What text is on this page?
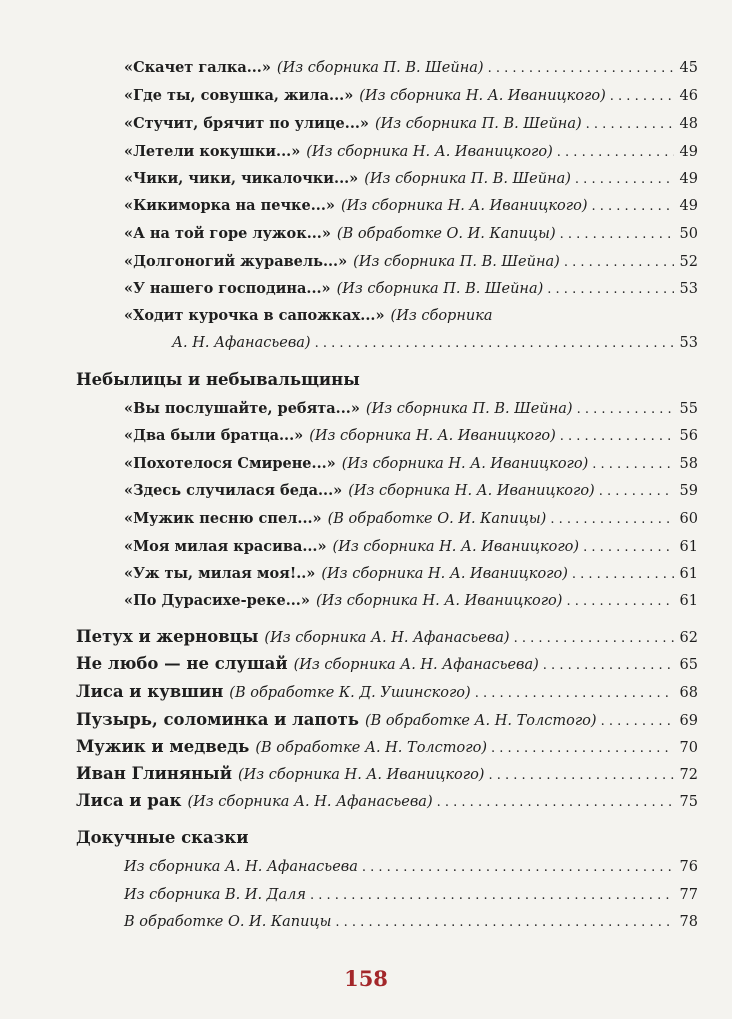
«Скачет галка...» (Из сборника П. В. Шейна) . . .	45
«Где ты, совушка, жила...» (Из сборника Н. А. Иваницкого) . . .	46
«Стучит, брячит по улице...» (Из сборника П. В. Шейна) . . .	48
«Летели кокушки...» (Из сборника Н. А. Иваницкого) . . .	49
«Чики, чики, чикалочки...» (Из сборника П. В. Шейна) . . .	49
«Кикиморка на печке...» (Из сборника Н. А. Иваницкого) . . .	49
«А на той горе лужок...» (В обработке О. И. Капицы) . . .	50
«Долгоногий журавель...» (Из сборника П. В. Шейна) . . .	52
«У нашего господина...» (Из сборника П. В. Шейна) . . .	53
«Ходит курочка в сапожках...» (Из сборника
А. Н. Афанасьева) . . .	53
Небылицы и небывальщины
«Вы послушайте, ребята...» (Из сборника П. В. Шейна) . . .	55
«Два были братца...» (Из сборника Н. А. Иваницкого) . . .	56
«Похотелося Смирене...» (Из сборника Н. А. Иваницкого) . . .	58
«Здесь случилася беда...» (Из сборника Н. А. Иваницкого) . . .	59
«Мужик песню спел...» (В обработке О. И. Капицы) . . .	60
«Моя милая красива...» (Из сборника Н. А. Иваницкого) . . .	61
«Уж ты, милая моя!..» (Из сборника Н. А. Иваницкого) . . .	61
«По Дурасихе-реке...» (Из сборника Н. А. Иваницкого) . . .	61
Петух и жерновцы (Из сборника А. Н. Афанасьева) . . .	62
Не любо — не слушай (Из сборника А. Н. Афанасьева) . . .	65
Лиса и кувшин (В обработке К. Д. Ушинского) . . .	68
Пузырь, соломинка и лапоть (В обработке А. Н. Толстого) . . .	69
Мужик и медведь (В обработке А. Н. Толстого) . . .	70
Иван Глиняный (Из сборника Н. А. Иваницкого) . . .	72
Лиса и рак (Из сборника А. Н. Афанасьева) . . .	75
Докучные сказки
Из сборника А. Н. Афанасьева . . .	76
Из сборника В. И. Даля . . .	77
В обработке О. И. Капицы . . .	78
158
